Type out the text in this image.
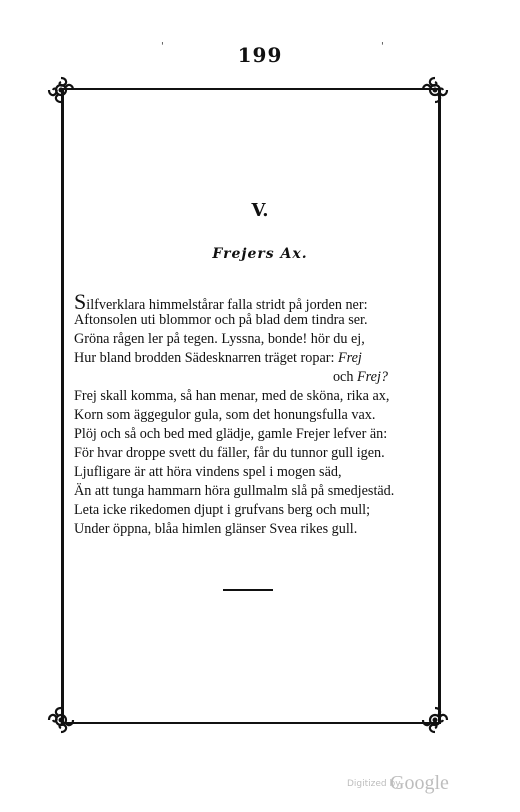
'	'
199
V.
Frejers Ax.
Silfverklara himmelstårar falla stridt på jorden ner:
Aftonsolen uti blommor och på blad dem tindra ser.
Gröna rågen ler på tegen. Lyssna, bonde! hör du ej,
Hur bland brodden Sädesknarren träget ropar: Frej
och Frej?
Frej skall komma, så han menar, med de sköna, rika ax,
Korn som äggegulor gula, som det honungsfulla vax.
Plöj och så och bed med glädje, gamle Frejer lefver än:
För hvar droppe svett du fäller, får du tunnor gull igen.
Ljufligare är att höra vindens spel i mogen säd,
Än att tunga hammarn höra gullmalm slå på smedjestäd.
Leta icke rikedomen djupt i grufvans berg och mull;
Under öppna, blåa himlen glänser Svea rikes gull.
Digitized by
Google
